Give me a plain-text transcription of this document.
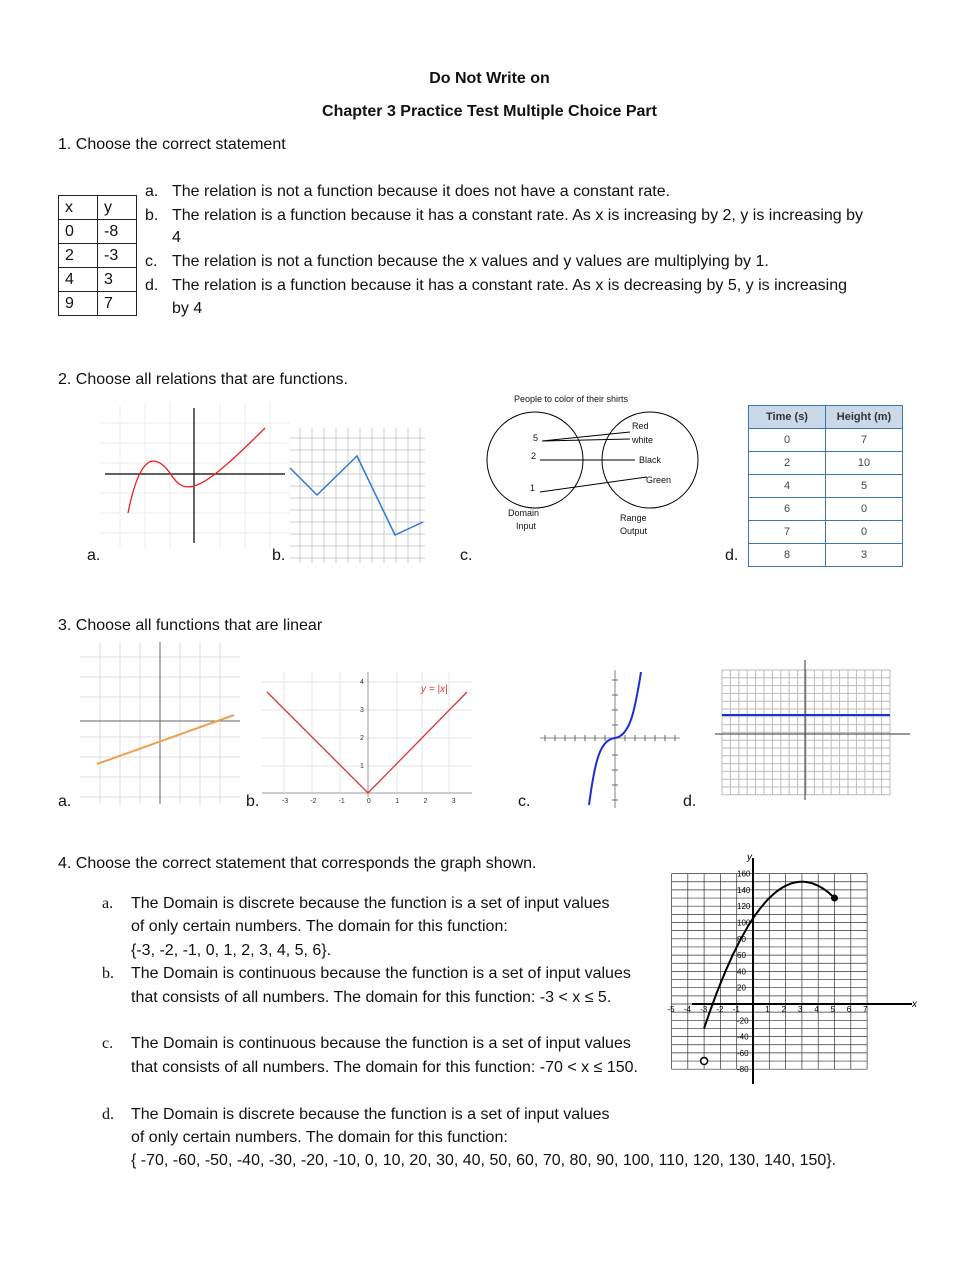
Do Not Write on
Chapter 3 Practice Test Multiple Choice Part
1. Choose the correct statement
x	y
0	-8
2	-3
4	3
9	7
a. The relation is not a function because it does not have a constant rate.
b. The relation is a function because it has a constant rate. As x is increasing by 2, y is increasing by
4
c. The relation is not a function because the x values and y values are multiplying by 1.
d. The relation is a function because it has a constant rate. As x is decreasing by 5, y is increasing
by 4
2. Choose all relations that are functions.
People to color of their shirts
5
2
1
Red
white
Black
Green
Domain
Input
Range
Output
Time (s)	Height (m)
0	7
2	10
4	5
6	0
7	0
8	3
a.	b.	c.	d.
3. Choose all functions that are linear
-3	-2	-1	0	1	2	3
1
2
3
4
y = |x|
a.	b.	c.	d.
4. Choose the correct statement that corresponds the graph shown.
a. The Domain is discrete because the function is a set of input values
of only certain numbers. The domain for this function:
{-3, -2, -1, 0, 1, 2, 3, 4, 5, 6}.
b. The Domain is continuous because the function is a set of input values
that consists of all numbers. The domain for this function: -3 < x ≤ 5.
c. The Domain is continuous because the function is a set of input values
that consists of all numbers. The domain for this function: -70 < x ≤ 150.
d. The Domain is discrete because the function is a set of input values
of only certain numbers. The domain for this function:
{ -70, -60, -50, -40, -30, -20, -10, 0, 10, 20, 30, 40, 50, 60, 70, 80, 90, 100, 110, 120, 130, 140, 150}.
-5 -4 -3 -2 -1	1 2 3 4 5 6 7
160
140
120
100
80
60
40
20
-20
-40
-60
-80
x
y
